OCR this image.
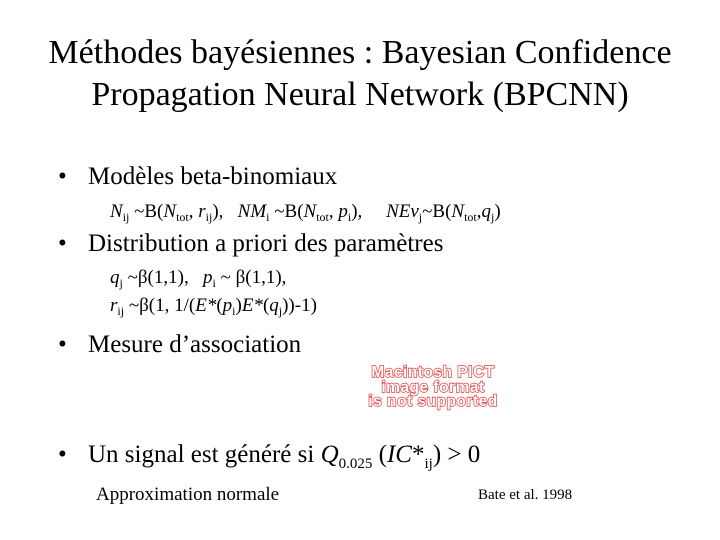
Méthodes bayésiennes : Bayesian Confidence Propagation Neural Network (BPCNN)
• Modèles beta-binomiaux
$N_{ij}$ $\sim B(N_{tot}$, $r_{ij}$),   $NM_i$ $\sim B(N_{tot}$, $p_i$),     $NEv_j\sim B(N_{tot},q_j)$
• Distribution a priori des paramètres
$q_j$ ~β(1,1),   $p_i$ ~ β(1,1),
$r_{ij}$ ~β(1, $1/(E*(p_i)E*(q_j))-1$)
• Mesure d’association
Macintosh PICT
image format
is not supported
• Un signal est généré si $Q_{0.025}$ $(IC*_{ij}) > 0$
Approximation normale	Bate et al. 1998
